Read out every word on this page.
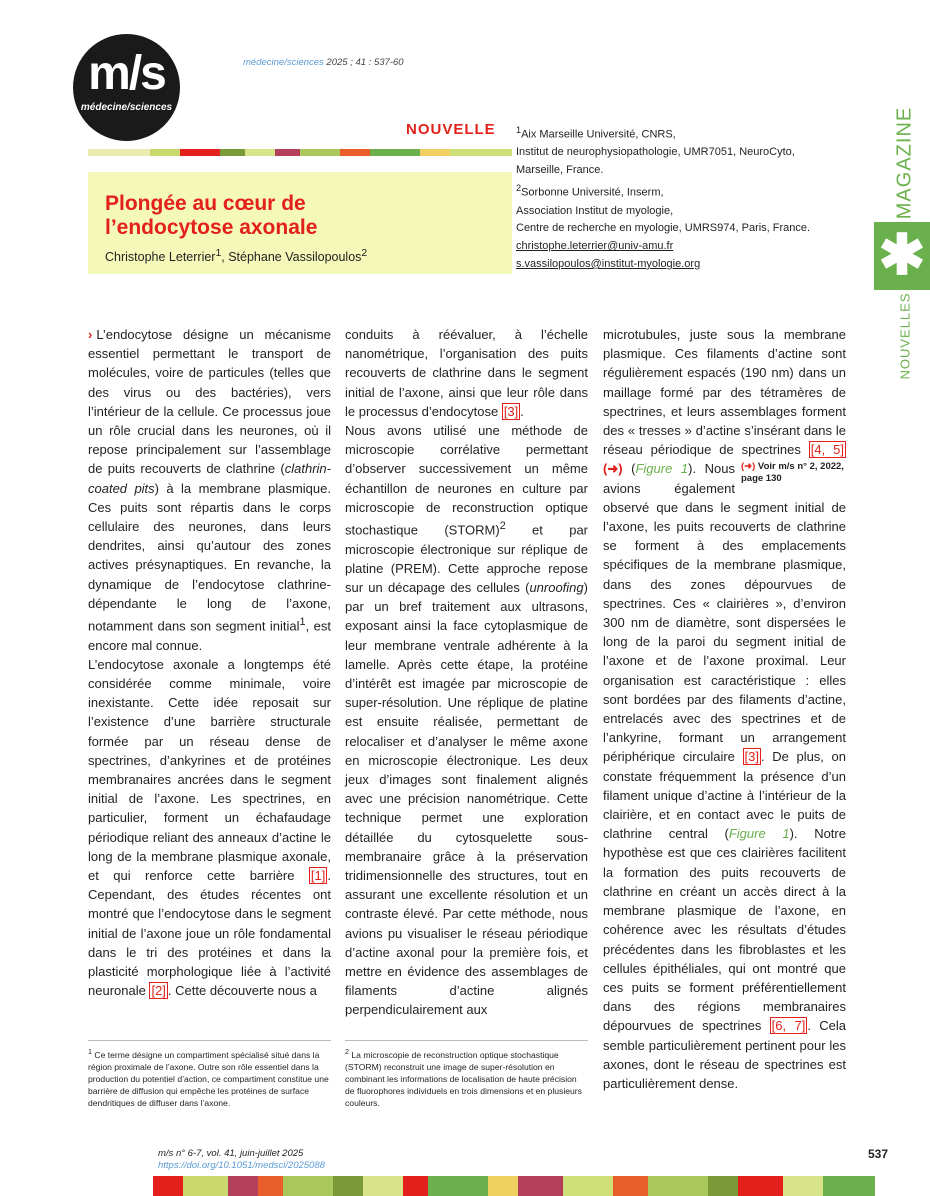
m/s
médecine/sciences
médecine/sciences 2025 ; 41 : 537-60
NOUVELLE
Plongée au cœur de
l’endocytose axonale
Christophe Leterrier$^1$, Stéphane Vassilopoulos$^2$
$^1$Aix Marseille Université, CNRS,
Institut de neurophysiopathologie, UMR7051, NeuroCyto,
Marseille, France.
$^2$Sorbonne Université, Inserm,
Association Institut de myologie,
Centre de recherche en myologie, UMRS974, Paris, France.
christophe.leterrier@univ-amu.fr
s.vassilopoulos@institut-myologie.org
MAGAZINE
✱
NOUVELLES

› L’endocytose désigne un mécanisme essentiel permettant le transport de molécules, voire de particules (telles que des virus ou des bactéries), vers l’intérieur de la cellule. Ce processus joue un rôle crucial dans les neurones, où il repose principalement sur l’assemblage de puits recouverts de clathrine (clathrin-coated pits) à la membrane plasmique. Ces puits sont répartis dans le corps cellulaire des neurones, dans leurs dendrites, ainsi qu’autour des zones actives présynaptiques. En revanche, la dynamique de l’endocytose clathrine-dépendante le long de l’axone, notamment dans son segment initial$^1$, est encore mal connue.

L’endocytose axonale a longtemps été considérée comme minimale, voire inexistante. Cette idée reposait sur l’existence d’une barrière structurale formée par un réseau dense de spectrines, d’ankyrines et de protéines membranaires ancrées dans le segment initial de l’axone. Les spectrines, en particulier, forment un échafaudage périodique reliant des anneaux d’actine le long de la membrane plasmique axonale, et qui renforce cette barrière [1] . Cependant, des études récentes ont montré que l’endocytose dans le segment initial de l’axone joue un rôle fondamental dans le tri des protéines et dans la plasticité morphologique liée à l’activité neuronale [2] . Cette découverte nous a

conduits à réévaluer, à l’échelle nanométrique, l’organisation des puits recouverts de clathrine dans le segment initial de l’axone, ainsi que leur rôle dans le processus d’endocytose [3] .

Nous avons utilisé une méthode de microscopie corrélative permettant d’observer successivement un même échantillon de neurones en culture par microscopie de reconstruction optique stochastique (STORM)$^2$ et par microscopie électronique sur réplique de platine (PREM). Cette approche repose sur un décapage des cellules (unroofing) par un bref traitement aux ultrasons, exposant ainsi la face cytoplasmique de leur membrane ventrale adhérente à la lamelle. Après cette étape, la protéine d’intérêt est imagée par microscopie de super-résolution. Une réplique de platine est ensuite réalisée, permettant de relocaliser et d’analyser le même axone en microscopie électronique. Les deux jeux d’images sont finalement alignés avec une précision nanométrique. Cette technique permet une exploration détaillée du cytosquelette sous-membranaire grâce à la préservation tridimensionnelle des structures, tout en assurant une excellente résolution et un contraste élevé. Par cette méthode, nous avions pu visualiser le réseau périodique d’actine axonal pour la première fois, et mettre en évidence des assemblages de filaments d’actine alignés perpendiculairement aux

microtubules, juste sous la membrane plasmique. Ces filaments d’actine sont régulièrement espacés (190 nm) dans un maillage formé par des tétramères de spectrines, et leurs assemblages forment des « tresses » d’actine s’insérant dans le réseau périodique de spectrines [4, 5] (➜) (Figure 1)	(➜) Voir m/s n° 2, 2022, page 130
. Nous avions également observé que dans le segment initial de l’axone, les puits recouverts de clathrine se forment à des emplacements spécifiques de la membrane plasmique, dans des zones dépourvues de spectrines. Ces « clairières », d’environ 300 nm de diamètre, sont dispersées le long de la paroi du segment initial de l’axone et de l’axone proximal. Leur organisation est caractéristique : elles sont bordées par des filaments d’actine, entrelacés avec des spectrines et de l’ankyrine, formant un arrangement périphérique circulaire [3] . De plus, on constate fréquemment la présence d’un filament unique d’actine à l’intérieur de la clairière, et en contact avec le puits de clathrine central (Figure 1). Notre hypothèse est que ces clairières facilitent la formation des puits recouverts de clathrine en créant un accès direct à la membrane plasmique de l’axone, en cohérence avec les résultats d’études précédentes dans les fibroblastes et les cellules épithéliales, qui ont montré que ces puits se forment préférentiellement dans des régions membranaires dépourvues de spectrines [6, 7] . Cela semble particulièrement pertinent pour les axones, dont le réseau de spectrines est particulièrement dense.

$^1$ Ce terme désigne un compartiment spécialisé situé dans la région proximale de l’axone. Outre son rôle essentiel dans la production du potentiel d’action, ce compartiment constitue une barrière de diffusion qui empêche les protéines de surface dendritiques de diffuser dans l’axone.
$^2$ La microscopie de reconstruction optique stochastique (STORM) reconstruit une image de super-résolution en combinant les informations de localisation de haute précision de fluorophores individuels en trois dimensions et en plusieurs couleurs.
m/s n° 6-7, vol. 41, juin-juillet 2025
https://doi.org/10.1051/medsci/2025088
537
